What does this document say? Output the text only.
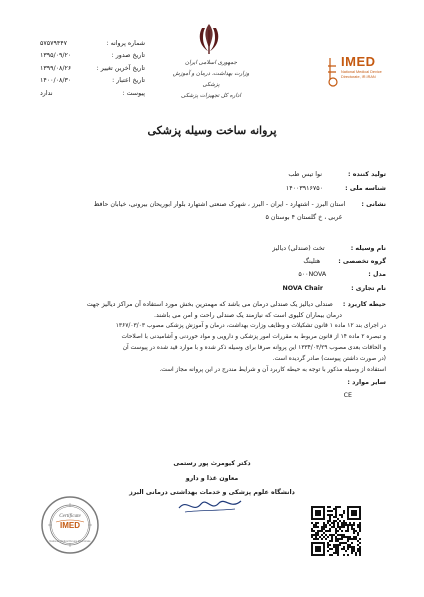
شماره پروانه :
۵۷۵۷۹۴۴۷
تاریخ صدور :
۱۳۹۵/۰۹/۲۰
تاریخ آخرین تغییر :
۱۳۹۹/۰۸/۲۶
تاریخ اعتبار :
۱۴۰۰/۰۸/۳۰
پیوست :
ندارد
جمهوری اسلامی ایران
وزارت بهداشت، درمان و آموزش پزشکی
اداره کل تجهیزات پزشکی
IMED
National Medical Device Directorate, IR.IRAN
پروانه ساخت وسیله پزشکی
تولید کننده :  نوا تیس طب
شناسه ملی :  ۱۴۰۰۳۹۱۶۷۵۰
نشانی :  استان البرز - اشتهارد - ایران - البرز ، شهرک صنعتی اشتهارد بلوار ابوریحان بیرونی، خیابان حافظ
غربی ، خ گلستان ۴ بوستان ۵
نام وسیله :  تخت (صندلی) دیالیز
گروه تخصصی :  هتلینگ
مدل :  ۵۰۰NOVA
نام تجاری :  NOVA Chair
حیطه کاربرد :  صندلی دیالیز یک صندلی درمان می باشد که مهمترین بخش مورد استفاده آن مراکز دیالیز جهت
درمان بیماران کلیوی است که نیازمند یک صندلی راحت و امن می باشند.
در اجرای بند ۱۲ ماده ۱ قانون تشکیلات و وظایف وزارت بهداشت، درمان و آموزش پزشکی مصوب ۱۳۶۷/۰۳/۰۳
و تبصره ۲ ماده ۱۴ از قانون مربوط به مقررات امور پزشکی و دارویی و مواد خوردنی و آشامیدنی با اصلاحات
و الحاقات بعدی مصوب ۱۳۳۴/۰۳/۲۹ این پروانه صرفا برای وسیله ذکر شده و با موارد قید شده در پیوست آن
(در صورت داشتن پیوست) صادر گردیده است.
استفاده از وسیله مذکور با توجه به حیطه کاربرد آن و شرایط مندرج در این پروانه مجاز است.
سایر موارد :
CE
دکتر کیومرث پور رستمی
معاون غذا و دارو
دانشگاه علوم پزشکی و خدمات بهداشتی درمانی البرز
Certificate
IMED
National Medical Device Directorate
